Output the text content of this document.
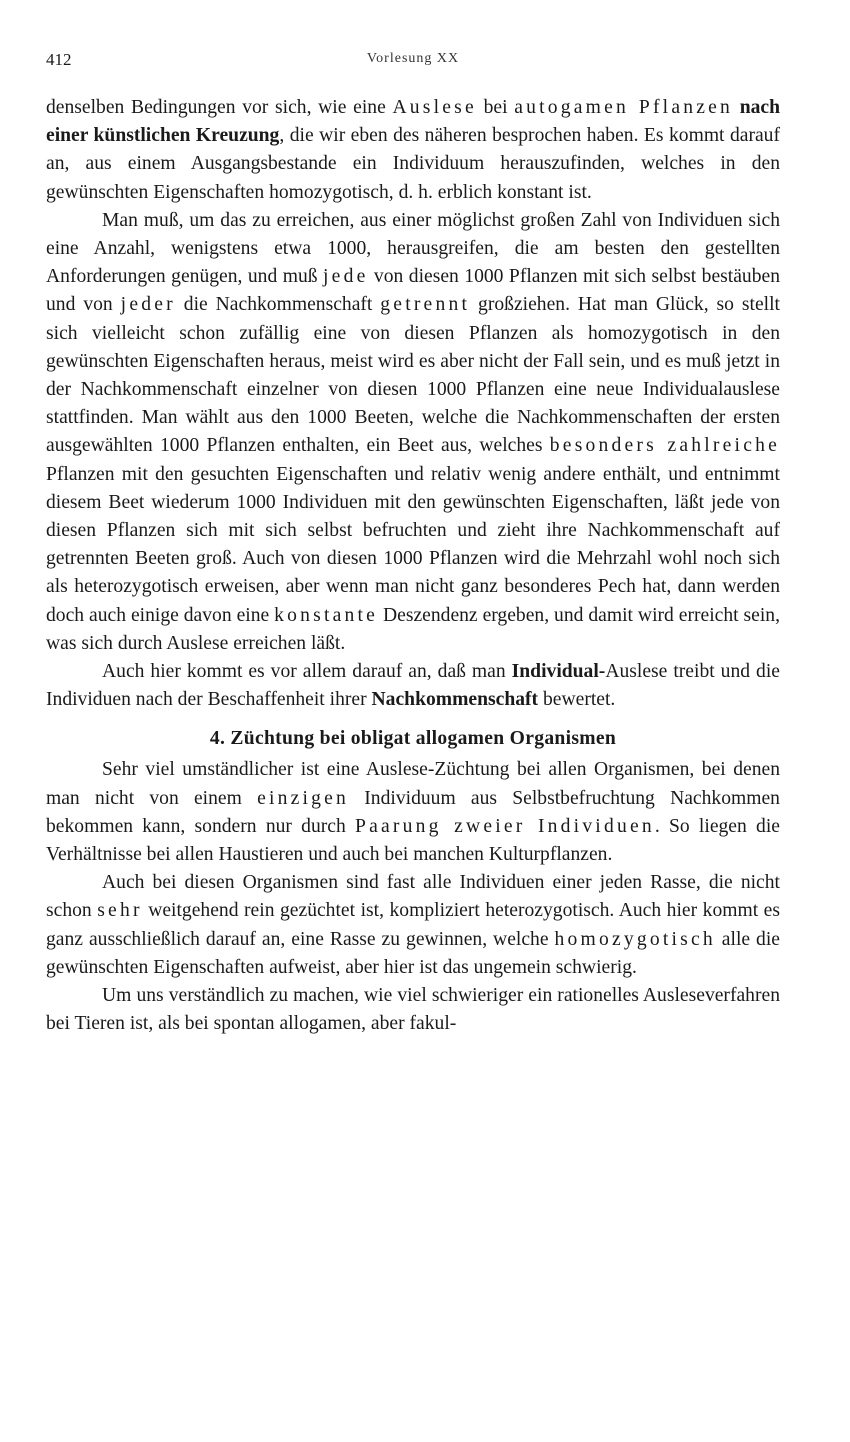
412	Vorlesung XX

denselben Bedingungen vor sich, wie eine Auslese bei autogamen Pflanzen nach einer künstlichen Kreuzung, die wir eben des näheren besprochen haben. Es kommt darauf an, aus einem Ausgangsbestande ein Individuum herauszufinden, welches in den gewünschten Eigenschaften homozygotisch, d. h. erblich konstant ist.

Man muß, um das zu erreichen, aus einer möglichst großen Zahl von Individuen sich eine Anzahl, wenigstens etwa 1000, herausgreifen, die am besten den gestellten Anforderungen genügen, und muß jede von diesen 1000 Pflanzen mit sich selbst bestäuben und von jeder die Nachkommenschaft getrennt großziehen. Hat man Glück, so stellt sich vielleicht schon zufällig eine von diesen Pflanzen als homozygotisch in den gewünschten Eigenschaften heraus, meist wird es aber nicht der Fall sein, und es muß jetzt in der Nachkommenschaft einzelner von diesen 1000 Pflanzen eine neue Individualauslese stattfinden. Man wählt aus den 1000 Beeten, welche die Nachkommenschaften der ersten ausgewählten 1000 Pflanzen enthalten, ein Beet aus, welches besonders zahlreiche Pflanzen mit den gesuchten Eigenschaften und relativ wenig andere enthält, und entnimmt diesem Beet wiederum 1000 Individuen mit den gewünschten Eigenschaften, läßt jede von diesen Pflanzen sich mit sich selbst befruchten und zieht ihre Nachkommenschaft auf getrennten Beeten groß. Auch von diesen 1000 Pflanzen wird die Mehrzahl wohl noch sich als heterozygotisch erweisen, aber wenn man nicht ganz besonderes Pech hat, dann werden doch auch einige davon eine konstante Deszendenz ergeben, und damit wird erreicht sein, was sich durch Auslese erreichen läßt.

Auch hier kommt es vor allem darauf an, daß man Individual-Auslese treibt und die Individuen nach der Beschaffenheit ihrer Nachkommenschaft bewertet.

4. Züchtung bei obligat allogamen Organismen

Sehr viel umständlicher ist eine Auslese-Züchtung bei allen Organismen, bei denen man nicht von einem einzigen Individuum aus Selbstbefruchtung Nachkommen bekommen kann, sondern nur durch Paarung zweier Individuen. So liegen die Verhältnisse bei allen Haustieren und auch bei manchen Kulturpflanzen.

Auch bei diesen Organismen sind fast alle Individuen einer jeden Rasse, die nicht schon sehr weitgehend rein gezüchtet ist, kompliziert heterozygotisch. Auch hier kommt es ganz ausschließlich darauf an, eine Rasse zu gewinnen, welche homozygotisch alle die gewünschten Eigenschaften aufweist, aber hier ist das ungemein schwierig.

Um uns verständlich zu machen, wie viel schwieriger ein rationelles Ausleseverfahren bei Tieren ist, als bei spontan allogamen, aber fakul-
